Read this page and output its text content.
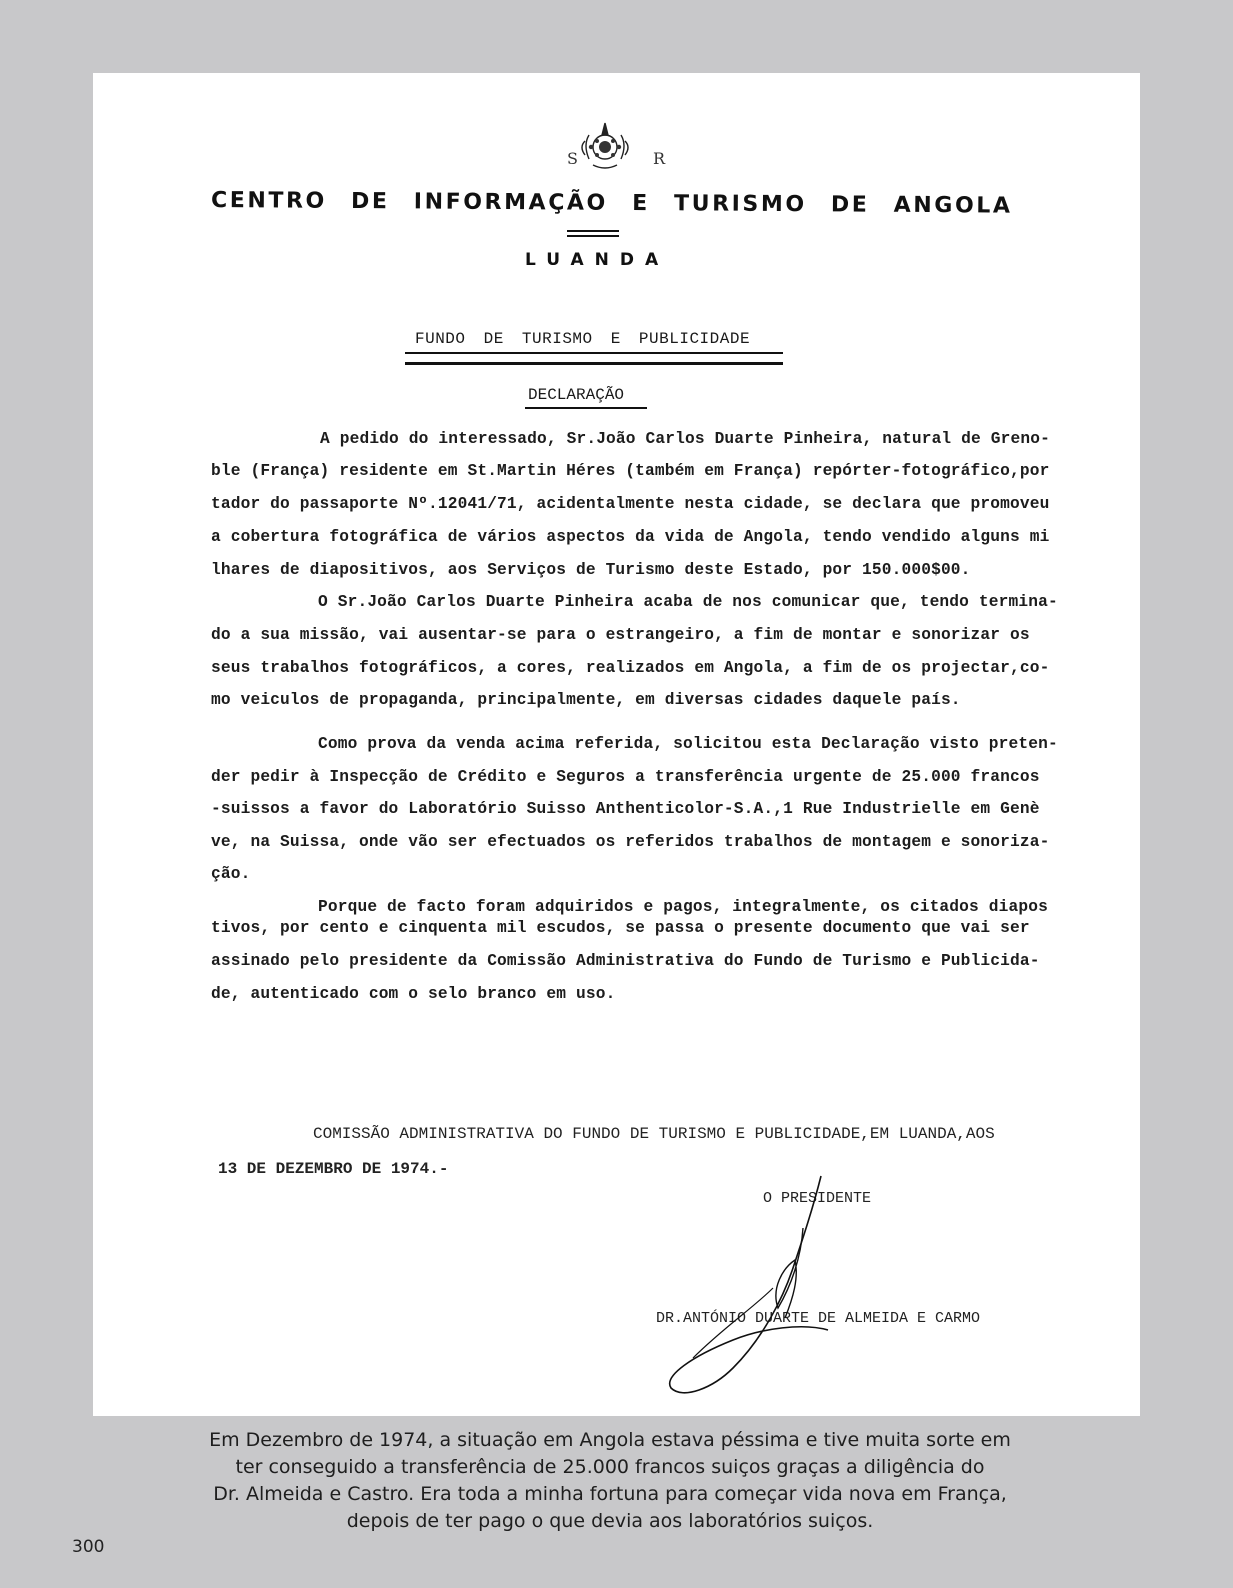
S	R
CENTRO DE INFORMAÇÃO E TURISMO DE ANGOLA
LUANDA
FUNDO DE TURISMO E PUBLICIDADE
DECLARAÇÃO
A pedido do interessado, Sr.João Carlos Duarte Pinheira, natural de Greno-
ble (França) residente em St.Martin Héres (também em França) repórter-fotográfico,por
tador do passaporte Nº.12041/71, acidentalmente nesta cidade, se declara que promoveu
a cobertura fotográfica de vários aspectos da vida de Angola, tendo vendido alguns mi
lhares de diapositivos, aos Serviços de Turismo deste Estado, por 150.000$00.
O Sr.João Carlos Duarte Pinheira acaba de nos comunicar que, tendo termina-
do a sua missão, vai ausentar-se para o estrangeiro, a fim de montar e sonorizar os
seus trabalhos fotográficos, a cores, realizados em Angola, a fim de os projectar,co-
mo veiculos de propaganda, principalmente, em diversas cidades daquele país.
Como prova da venda acima referida, solicitou esta Declaração visto preten-
der pedir à Inspecção de Crédito e Seguros a transferência urgente de 25.000 francos
-suissos a favor do Laboratório Suisso Anthenticolor-S.A.,1 Rue Industrielle em Genè
ve, na Suissa, onde vão ser efectuados os referidos trabalhos de montagem e sonoriza-
ção.
Porque de facto foram adquiridos e pagos, integralmente, os citados diapos
tivos, por cento e cinquenta mil escudos, se passa o presente documento que vai ser
assinado pelo presidente da Comissão Administrativa do Fundo de Turismo e Publicida-
de, autenticado com o selo branco em uso.
COMISSÃO ADMINISTRATIVA DO FUNDO DE TURISMO E PUBLICIDADE,EM LUANDA,AOS
13 DE DEZEMBRO DE 1974.-
O PRESIDENTE
DR.ANTÓNIO DUARTE DE ALMEIDA E CARMO
Em Dezembro de 1974, a situação em Angola estava péssima e tive muita sorte em
ter conseguido a transferência de 25.000 francos suiços graças a diligência do
Dr. Almeida e Castro. Era toda a minha fortuna para começar vida nova em França,
depois de ter pago o que devia aos laboratórios suiços.
300
